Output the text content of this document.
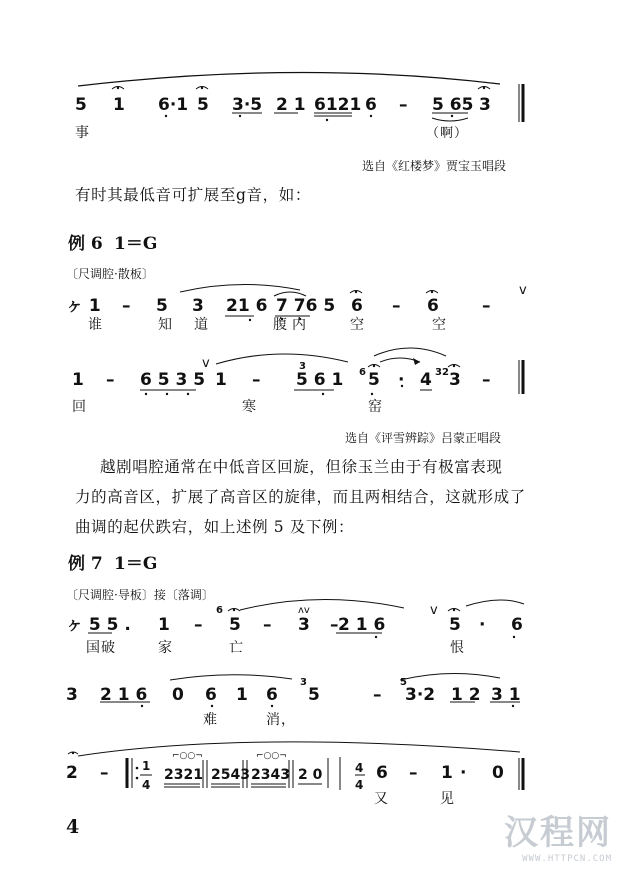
5 1 6·1 5 3·5 2 1 6121 6 – 5 65 3
事	（啊）
选自《红楼梦》贾宝玉唱段
有时其最低音可扩展至g音，如：
例 6 1＝G
〔尺调腔·散板〕
ヶ 1 – 5 3 21 6 7 76 5 6 – 6	–
v
谁	知 道	腹 内	空	空
1 – 6 5 3 5
v
1 – 5 6 1 5 · 4 3 –
3
6	32
回	寒	窑
选自《评雪辨踪》吕蒙正唱段
越剧唱腔通常在中低音区回旋，但徐玉兰由于有极富表现
力的高音区，扩展了高音区的旋律，而且两相结合，这就形成了
曲调的起伏跌宕，如上述例 5 及下例：
例 7 1＝G
〔尺调腔·导板〕接〔落调〕
⌐○○¬	⌐○○¬
ヶ 5 5 . 1 – 5 – 3 – 2 1 6	5 · 6
6	ʌv	v
国破	家	亡	恨
3 2 1 6 0 6 1 6 5	– 3·2 1 2 3 1
3	5
难	消，
2 –	2321 2543 2343 2 0
1
4
4
4
6 – 1 · 0
又	见
4	汉程网
WWW.HTTPCN.COM
